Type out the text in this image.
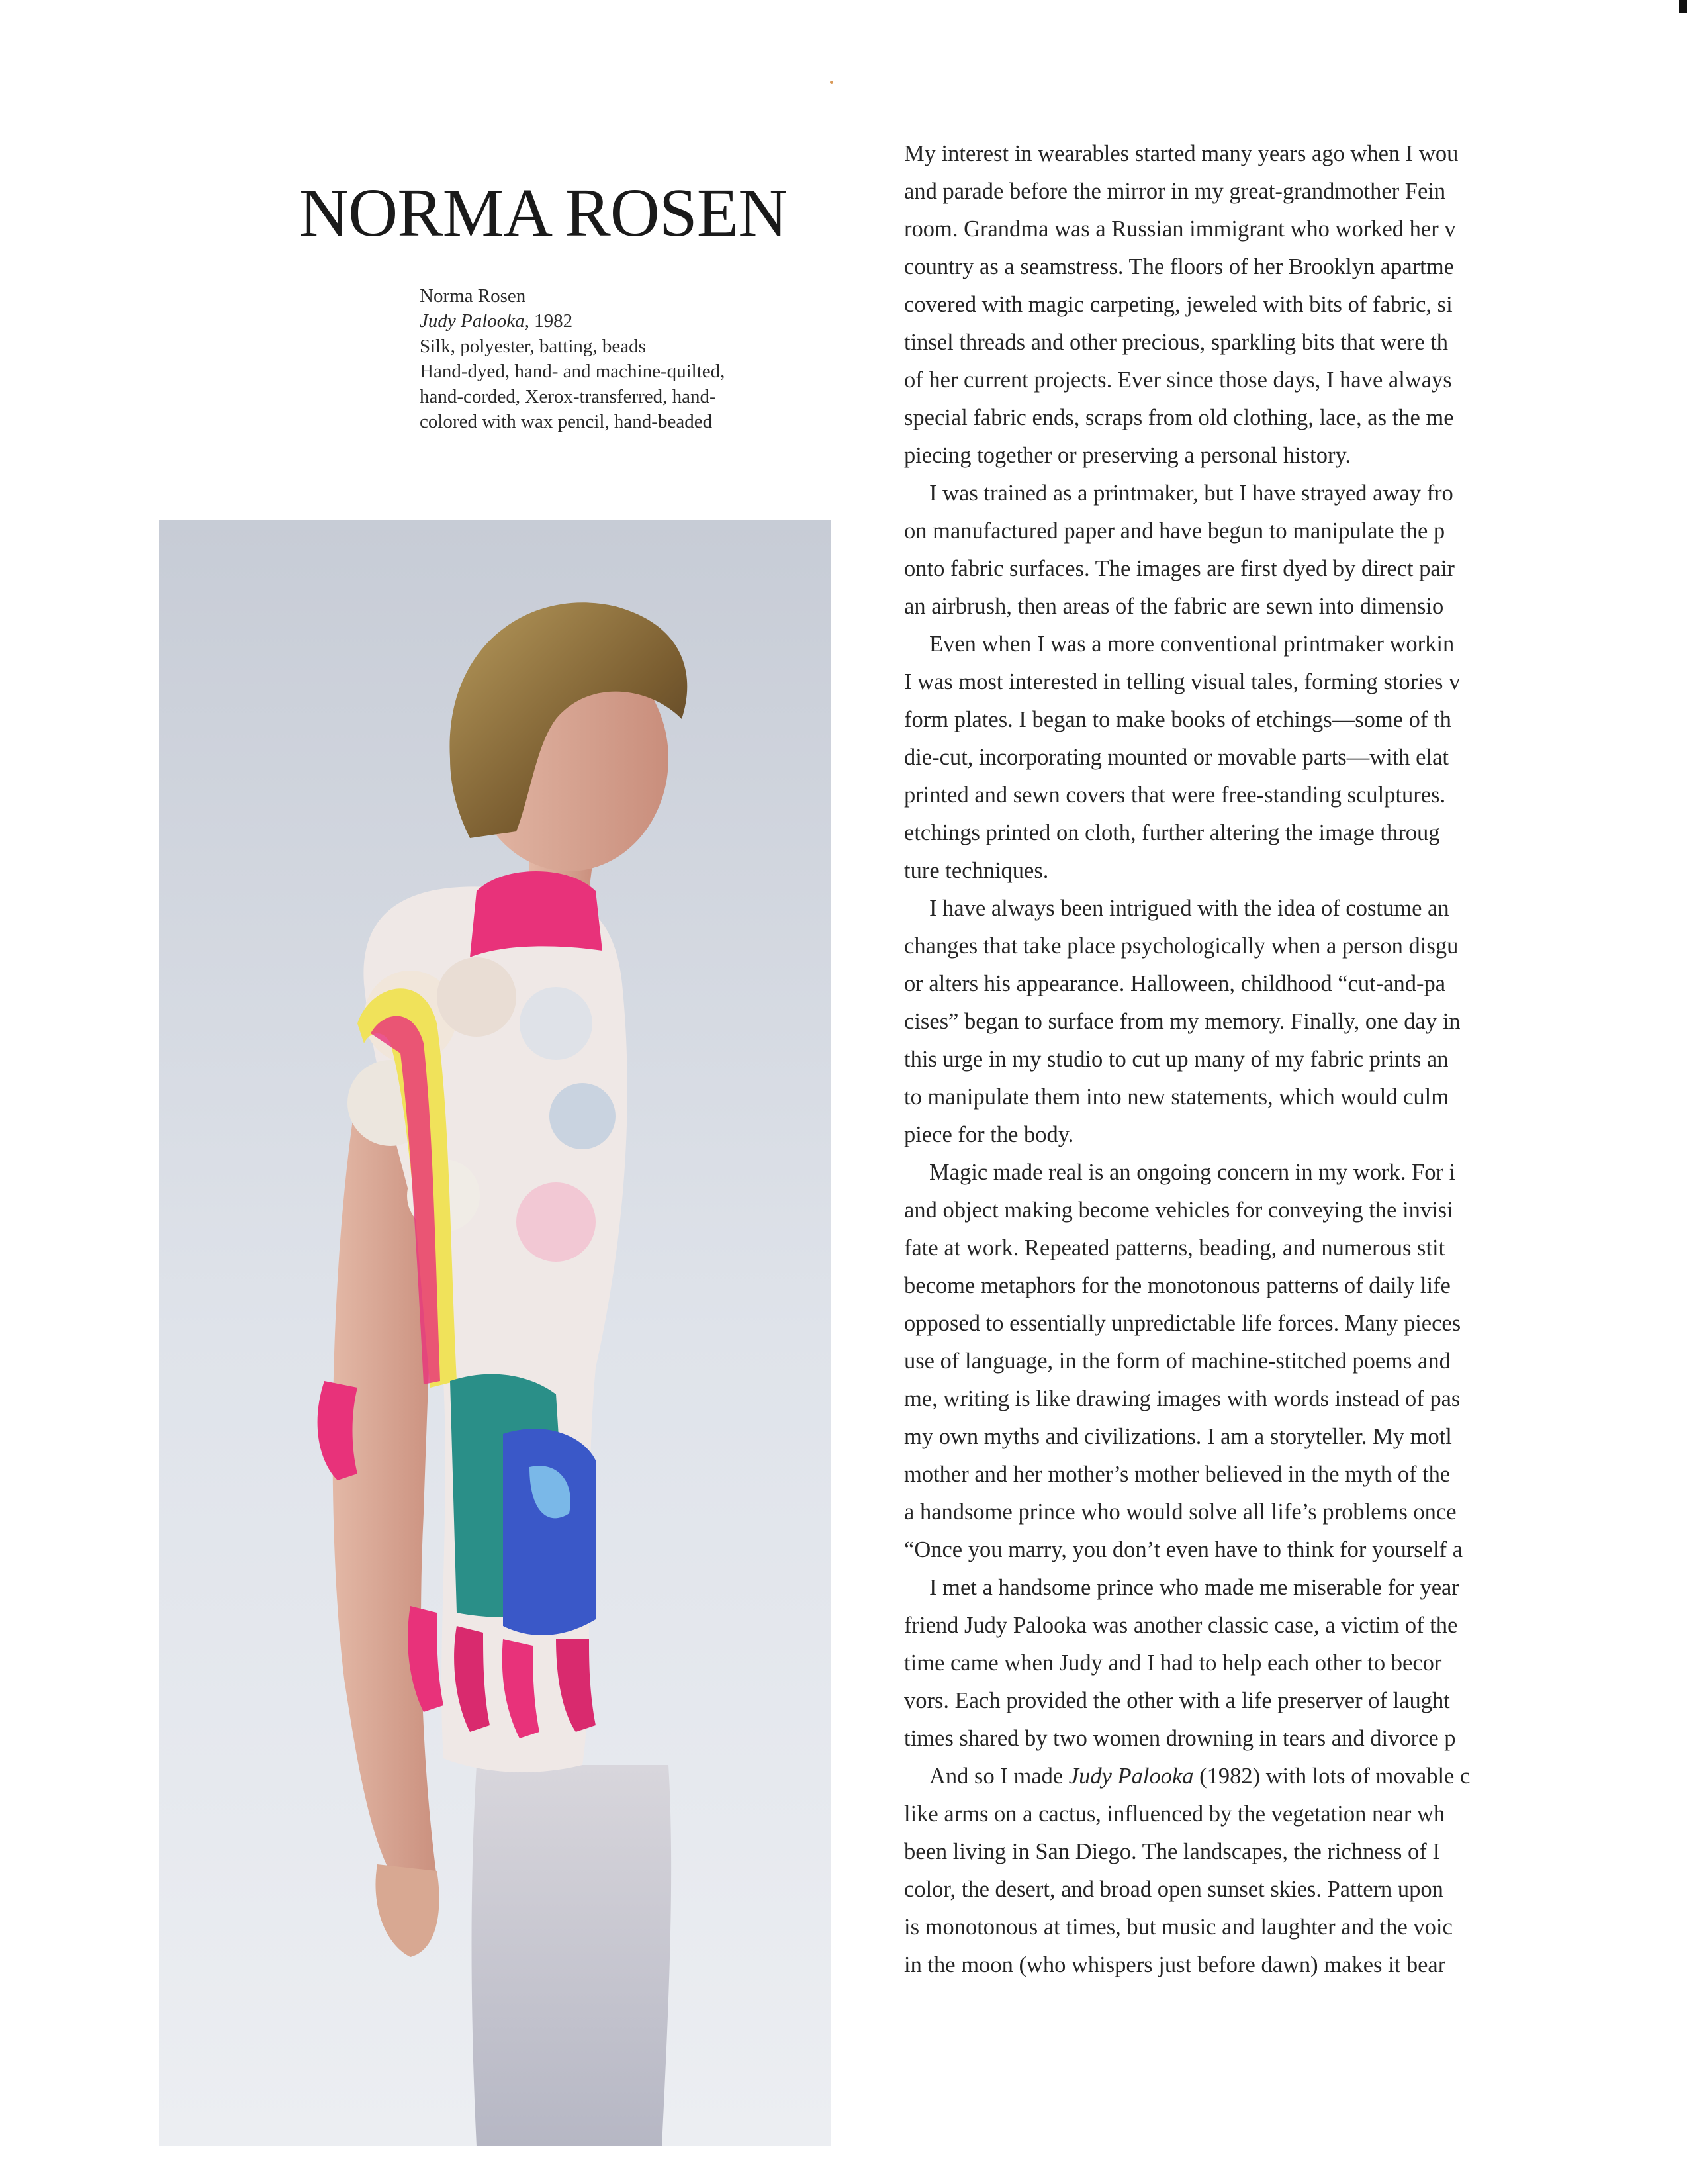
NORMA ROSEN
Norma Rosen
Judy Palooka, 1982
Silk, polyester, batting, beads
Hand-dyed, hand- and machine-quilted,
hand-corded, Xerox-transferred, hand-
colored with wax pencil, hand-beaded
My interest in wearables started many years ago when I wou
and parade before the mirror in my great-grandmother Fein
room. Grandma was a Russian immigrant who worked her v
country as a seamstress. The floors of her Brooklyn apartme
covered with magic carpeting, jeweled with bits of fabric, si
tinsel threads and other precious, sparkling bits that were th
of her current projects. Ever since those days, I have always
special fabric ends, scraps from old clothing, lace, as the me
piecing together or preserving a personal history.
I was trained as a printmaker, but I have strayed away fro
on manufactured paper and have begun to manipulate the p
onto fabric surfaces. The images are first dyed by direct pair
an airbrush, then areas of the fabric are sewn into dimensio
Even when I was a more conventional printmaker workin
I was most interested in telling visual tales, forming stories v
form plates. I began to make books of etchings—some of th
die-cut, incorporating mounted or movable parts—with elat
printed and sewn covers that were free-standing sculptures.
etchings printed on cloth, further altering the image throug
ture techniques.
I have always been intrigued with the idea of costume an
changes that take place psychologically when a person disgu
or alters his appearance. Halloween, childhood “cut-and-pa
cises” began to surface from my memory. Finally, one day in
this urge in my studio to cut up many of my fabric prints an
to manipulate them into new statements, which would culm
piece for the body.
Magic made real is an ongoing concern in my work. For i
and object making become vehicles for conveying the invisi
fate at work. Repeated patterns, beading, and numerous stit
become metaphors for the monotonous patterns of daily life
opposed to essentially unpredictable life forces. Many pieces
use of language, in the form of machine-stitched poems and
me, writing is like drawing images with words instead of pas
my own myths and civilizations. I am a storyteller. My motl
mother and her mother’s mother believed in the myth of the
a handsome prince who would solve all life’s problems once
“Once you marry, you don’t even have to think for yourself a
I met a handsome prince who made me miserable for year
friend Judy Palooka was another classic case, a victim of the
time came when Judy and I had to help each other to becor
vors. Each provided the other with a life preserver of laught
times shared by two women drowning in tears and divorce p
And so I made Judy Palooka (1982) with lots of movable c
like arms on a cactus, influenced by the vegetation near wh
been living in San Diego. The landscapes, the richness of I
color, the desert, and broad open sunset skies. Pattern upon
is monotonous at times, but music and laughter and the voic
in the moon (who whispers just before dawn) makes it bear
